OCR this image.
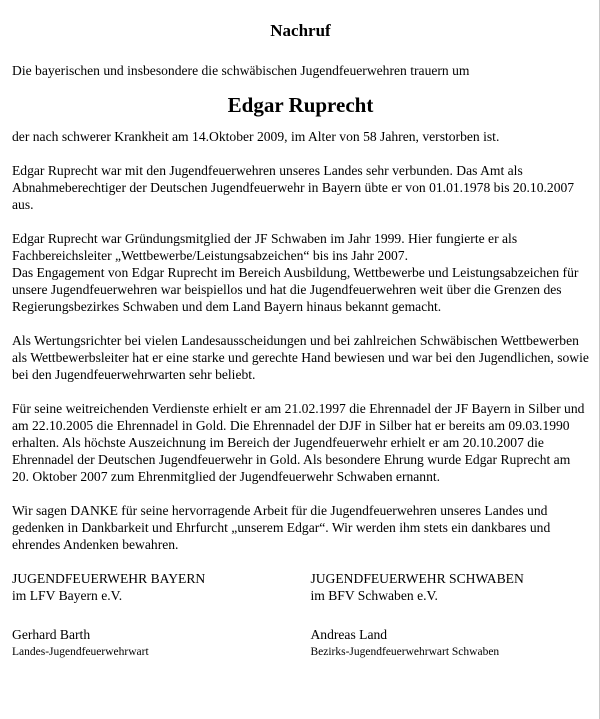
Nachruf

Die bayerischen und insbesondere die schwäbischen Jugendfeuerwehren trauern um

Edgar Ruprecht

der nach schwerer Krankheit am 14.Oktober 2009, im Alter von 58 Jahren, verstorben ist.

Edgar Ruprecht war mit den Jugendfeuerwehren unseres Landes sehr verbunden. Das Amt als Abnahmeberechtiger der Deutschen Jugendfeuerwehr in Bayern übte er von 01.01.1978 bis 20.10.2007 aus.

Edgar Ruprecht war Gründungsmitglied der JF Schwaben im Jahr 1999. Hier fungierte er als Fachbereichsleiter „Wettbewerbe/Leistungsabzeichen“ bis ins Jahr 2007.

Das Engagement von Edgar Ruprecht im Bereich Ausbildung, Wettbewerbe und Leistungsabzeichen für unsere Jugendfeuerwehren war beispiellos und hat die Jugendfeuerwehren weit über die Grenzen des Regierungsbezirkes Schwaben und dem Land Bayern hinaus bekannt gemacht.

Als Wertungsrichter bei vielen Landesausscheidungen und bei zahlreichen Schwäbischen Wettbewerben als Wettbewerbsleiter hat er eine starke und gerechte Hand bewiesen und war bei den Jugendlichen, sowie bei den Jugendfeuerwehrwarten sehr beliebt.

Für seine weitreichenden Verdienste erhielt er am 21.02.1997 die Ehrennadel der JF Bayern in Silber und am 22.10.2005 die Ehrennadel in Gold. Die Ehrennadel der DJF in Silber hat er bereits am 09.03.1990 erhalten. Als höchste Auszeichnung im Bereich der Jugendfeuerwehr erhielt er am 20.10.2007 die Ehrennadel der Deutschen Jugendfeuerwehr in Gold. Als besondere Ehrung wurde Edgar Ruprecht am 20. Oktober 2007 zum Ehrenmitglied der Jugendfeuerwehr Schwaben ernannt.

Wir sagen DANKE für seine hervorragende Arbeit für die Jugendfeuerwehren unseres Landes und gedenken in Dankbarkeit und Ehrfurcht „unserem Edgar“. Wir werden ihm stets ein dankbares und ehrendes Andenken bewahren.

JUGENDFEUERWEHR BAYERN
im LFV Bayern e.V.
Gerhard Barth
Landes-Jugendfeuerwehrwart
JUGENDFEUERWEHR SCHWABEN
im BFV Schwaben e.V.
Andreas Land
Bezirks-Jugendfeuerwehrwart Schwaben
